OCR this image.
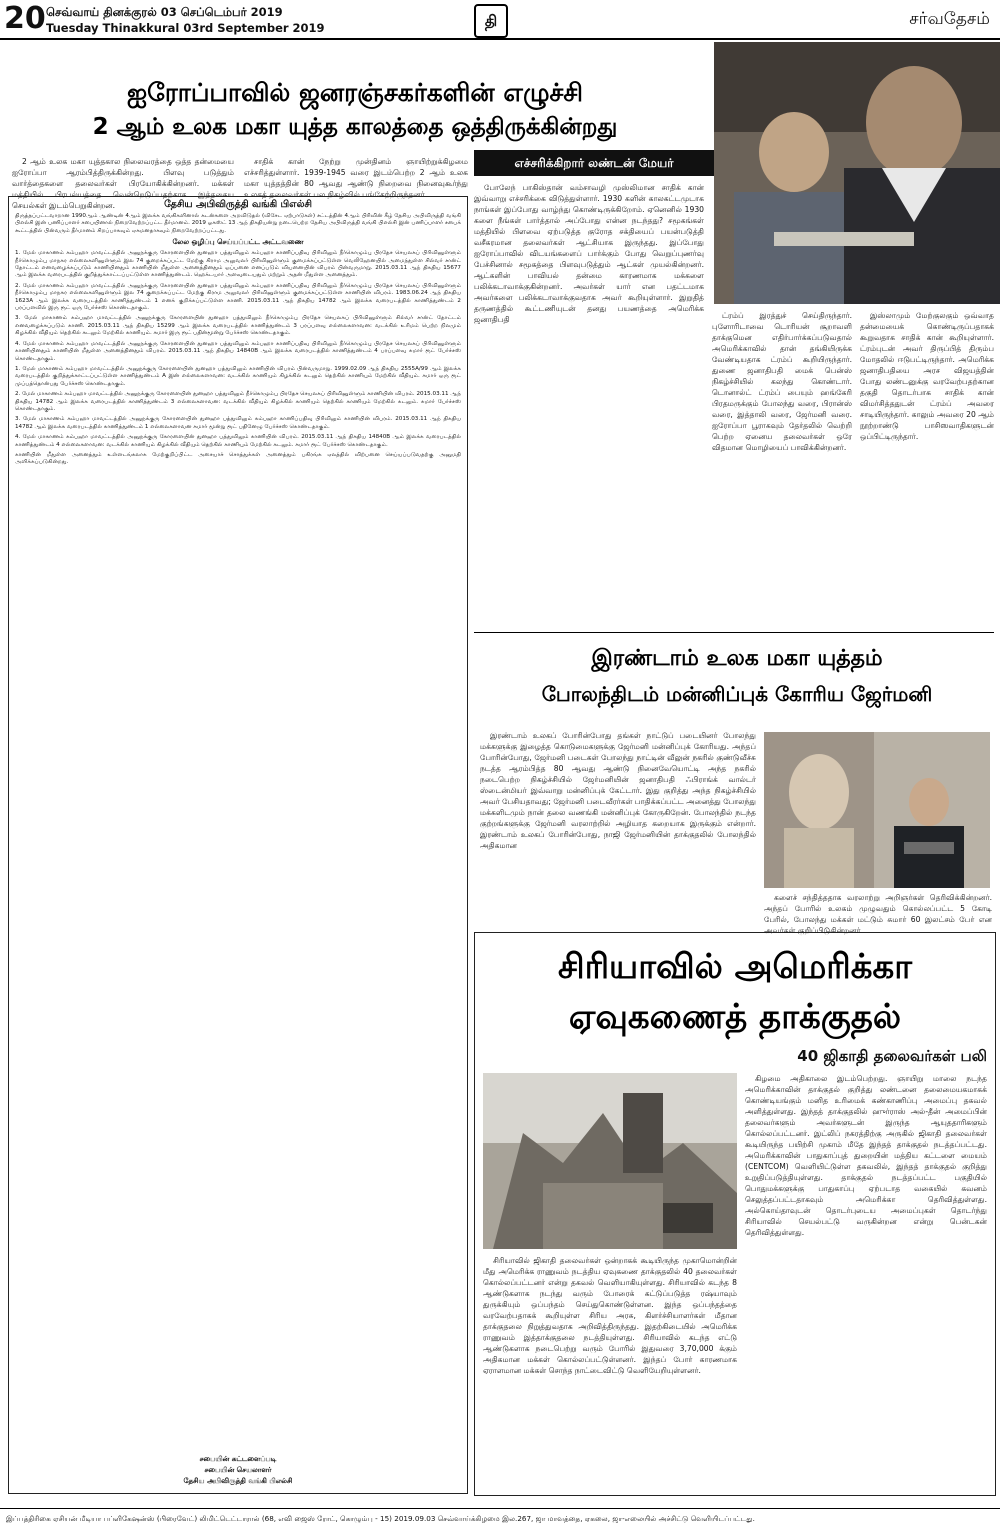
20 செவ்வாய் தினக்குரல் 03 செப்டெம்பர் 2019
Tuesday Thinakkural 03rd September 2019	தி	சர்வதேசம்
ஐரோப்பாவில் ஜனரஞ்சகர்களின் எழுச்சி
2 ஆம் உலக மகா யுத்த காலத்தை ஒத்திருக்கின்றது
எச்சரிக்கிறார் லண்டன் மேயர்

2 ஆம் உலக மகா யுத்தகால நிலைவரத்தை ஒத்த தன்மையை ஐரோப்பா ஆரம்பித்திருக்கின்றது. பிளவு படுத்தும் வார்த்தைகளை தலைவர்கள் பிரயோகிக்கின்றனர். மக்கள் மத்தியில் பிரபல்யத்தை வென்றெடுப்பதற்காக இத்தகைய செயல்கள் இடம்பெறுகின்றன.

சாதிக் கான் நேற்று முன்தினம் ஞாயிற்றுக்கிழமை எச்சரித்துள்ளார். 1939-1945 வரை இடம்பெற்ற 2 ஆம் உலக மகா யுத்தத்தின் 80 ஆவது ஆண்டு நிறைவை நினைவுகூர்ந்து உலகத் தலைவர்கள் பல நிகழ்வில் பங்கேற்றிருந்தனர்.

போலேந் பாகிஸ்தான் வம்சாவழி முஸ்லிமான சாதிக் கான் இவ்வாறு எச்சரிக்கை விடுத்துள்ளார். 1930 களின் காலகட்டமுடாக நாங்கள் இப்போது வாழ்ந்து கொண்டிருக்கிறோம். ஏனெனில் 1930 களை நீங்கள் பார்த்தால் அப்போது என்ன நடந்தது? சமூகங்கள் மத்தியில் பிளவை ஏற்படுத்த குரோத சக்தியைப் பயன்படுத்தி வசீகரமான தலைவர்கள் ஆட்சியாக இருந்தது. இப்போது ஐரோப்பாவில் விடயங்களைப் பார்க்கும் போது வெறுப்புணர்வு பேச்சினால் சமூகத்தை பிளவுபடுத்தும் ஆட்கள் முயல்கின்றனர். ஆட்களின் பாவியல் தன்மை காரணமாக மக்களை பலிக்கடாவாக்குகின்றனர். அவர்கள் யார் என பதட்டமாக அவர்களை பலிக்கடாவாக்குவதாக அவர் கூறியுள்ளார். இறுதித் தருணத்தில் கூட்டணியுடன் தனது பயணத்தை அமெரிக்க ஜனாதிபதி	ட்ரம்ப் இரத்துச் செய்திருந்தார். புளோரிடாவை டொரியன் சூறாவளி தாக்குமென எதிர்பார்க்கப்படுவதால் அமெரிக்காவில் தான் தங்கியிருக்க வேண்டியதாக ட்ரம்ப் கூறியிருந்தார். துணை ஜனாதிபதி மைக் பென்ஸ் நிகழ்ச்சியில் கலந்து கொண்டார். டொனால்ட் ட்ரம்ப் பையும் ஹங்கேரி பிரதமருக்கும் போலந்து வரை, பிரான்ஸ் வரை, இத்தாலி வரை, ஜேர்மனி வரை. ஐரோப்பா பூராகவும் தேர்தலில் வெற்றி பெற்ற ஏனைய தலைவர்கள் ஒரே விதமான மொழியைப் பாவிக்கின்றனர்.

இஸ்லாமும் மேற்குலகும் ஒவ்வாத தன்மையைக் கொண்டிருப்பதாகக் கூறுவதாக சாதிக் கான் கூறியுள்ளார். ட்ரம்புடன் அவர் திருப்பித் திரும்ப மோதலில் ஈடுபட்டிருந்தார். அமெரிக்க ஜனாதிபதியை அரச விஜயத்தின் போது லண்டனுக்கு வரவேற்பதற்கான தகுதி தொடர்பாக சாதிக் கான் விமர்சித்ததுடன் ட்ரம்ப் அவரை சாடியிருந்தார். காலும் அவரை 20 ஆம் நூற்றாண்டு பாசிஸவாதிகளுடன் ஒப்பிட்டிருந்தார்.

தேசிய அபிவிருத்தி வங்கி பிஎல்சி
திருத்தப்பட்டவாறான 1990ஆம் ஆண்டின் 4ஆம் இலக்க வங்கிகளினால் கடன்களை அறவிடுதல் (விசேட ஏற்பாடுகள்) சட்டத்தின் 4ஆம் பிரிவின் கீழ் தேசிய அபிவிருத்தி வங்கி பிஎல்சி இன் பணிப்பாளர் சபையினால் நிறைவேற்றப்பட்ட தீர்மானம். 2019 ஓகஸ்ட் 13 ஆந் திகதியன்று நடைபெற்ற தேசிய அபிவிருத்தி வங்கி பிஎல்சி இன் பணிப்பாளர் சபைக் கூட்டத்தில் பின்வரும் தீர்மானம் சிறப்பாகவும் ஏகமனதாகவும் நிறைவேற்றப்பட்டது.
லேல ஒழிப்பு செய்யப்பட்ட அட்டவணை

1. மேல் மாகாணம் கம்பஹா மாவட்டத்தில் அனுநக்குரு கோரளையின் துனஹா பத்துவிலும் கம்பஹா காணிப்பதிவு பிரிவிலும் நீர்கொழும்பு பிரதேச செயலகப் பிரிவினுள்ளும் நீர்கொழும்பு மாநகர எல்லைகளினுள்ளும் இல 74 குறைக்கப்பட்ட மேற்கு கிராம அலுவலர் பிரிவினுள்ளும் குமைக்கப்பட்டுள்ள வெலிஹேனயில் அமைந்துள்ள சில்வர் சான்ட் தோட்டம் எனவழைக்கப்படும் காணியினதும் காணியின் மீதுள்ள அனைத்தினதும் ஒப்பனை எனப்படும் வியனையின் விபரம் பின்வருமாறு. 2015.03.11 ஆந் திகதிய 15677 ஆம் இலக்க வரைபடத்தில் குறித்துக்காட்டப்பட்டுள்ள காணித்துண்டம். ஹெக்டயார் அளவுடையதும் மற்றும் அதன் மீதுள்ள அனைத்தும்.

2. மேல் மாகாணம் கம்பஹா மாவட்டத்தில் அனுநக்குரு கோரளையின் துனஹா பத்துவிலும் கம்பஹா காணிப்பதிவு பிரிவிலும் நீர்கொழும்பு பிரதேச செயலகப் பிரிவினுள்ளும் நீர்கொழும்பு மாநகர எல்லைகளினுள்ளும் இல 74 குறைக்கப்பட்ட மேற்கு கிராம அலுவலர் பிரிவினுள்ளும் குமைக்கப்பட்டுள்ள காணியின் விபரம். 1983.06.24 ஆந் திகதிய 1623A ஆம் இலக்க வரைபடத்தில் காணித்துண்டம் 1 எனக் குறிக்கப்பட்டுள்ள காணி. 2015.03.11 ஆந் திகதிய 14782 ஆம் இலக்க வரைபடத்தில் காணித்துண்டம் 2 பரப்பளவில் இரு ரூட் ஒரு பேர்ச்சஸ் கொண்டதாகும்.

3. மேல் மாகாணம் கம்பஹா மாவட்டத்தில் அனுநக்குரு கோரளையின் துனஹா பத்துவிலும் நீர்கொழும்பு பிரதேச செயலகப் பிரிவினுள்ளும் சில்வர் சான்ட் தோட்டம் எனவழைக்கப்படும் காணி. 2015.03.11 ஆந் திகதிய 15299 ஆம் இலக்க வரைபடத்தில் காணித்துண்டம் 3 பரப்பளவு எல்லைகளாவன: வடக்கில் உரிமம் பெற்ற நிலமும் கிழக்கில் வீதியும் தெற்கில் கடலும் மேற்கில் காணியும். சுமார் இரு ரூட் பதின்மூன்று பேர்ச்சஸ் கொண்டதாகும்.

4. மேல் மாகாணம் கம்பஹா மாவட்டத்தில் அனுநக்குரு கோரளையின் துனஹா பத்துவிலும் கம்பஹா காணிப்பதிவு பிரிவிலும் நீர்கொழும்பு பிரதேச செயலகப் பிரிவினுள்ளும் காணியினதும் காணியின் மீதுள்ள அனைத்தினதும் விபரம். 2015.03.11 ஆந் திகதிய 14840B ஆம் இலக்க வரைபடத்தில் காணித்துண்டம் 4 பரப்பளவு சுமார் ரூட் பேர்ச்சஸ் கொண்டதாகும்.

1. மேல் மாகாணம் கம்பஹா மாவட்டத்தில் அனுநக்குரு கோரளையின் துனஹா பத்துவிலும் காணியின் விபரம் பின்வருமாறு. 1999.02.09 ஆந் திகதிய 2555A/99 ஆம் இலக்க வரைபடத்தில் குறித்துக்காட்டப்பட்டுள்ள காணித்துண்டம் A இன் எல்லைகளாவன: வடக்கில் காணியும் கிழக்கில் கடலும் தெற்கில் காணியும் மேற்கில் வீதியும். சுமார் ஒரு ரூட் முப்பத்தொன்பது பேர்ச்சஸ் கொண்டதாகும்.

2. மேல் மாகாணம் கம்பஹா மாவட்டத்தில் அனுநக்குரு கோரளையின் துனஹா பத்துவிலும் நீர்கொழும்பு பிரதேச செயலகப் பிரிவினுள்ளும் காணியின் விபரம். 2015.03.11 ஆந் திகதிய 14782 ஆம் இலக்க வரைபடத்தில் காணித்துண்டம் 3 எல்லைகளாவன: வடக்கில் வீதியும் கிழக்கில் காணியும் தெற்கில் காணியும் மேற்கில் கடலும். சுமார் பேர்ச்சஸ் கொண்டதாகும்.

3. மேல் மாகாணம் கம்பஹா மாவட்டத்தில் அனுநக்குரு கோரளையின் துனஹா பத்துவிலும் கம்பஹா காணிப்பதிவு பிரிவிலும் காணியின் விபரம். 2015.03.11 ஆந் திகதிய 14782 ஆம் இலக்க வரைபடத்தில் காணித்துண்டம் 1 எல்லைகளாவன சுமார் மூன்று ரூட் பதினேழு பேர்ச்சஸ் கொண்டதாகும்.

4. மேல் மாகாணம் கம்பஹா மாவட்டத்தில் அனுநக்குரு கோரளையின் துனஹா பத்துவிலும் காணியின் விபரம். 2015.03.11 ஆந் திகதிய 14840B ஆம் இலக்க வரைபடத்தில் காணித்துண்டம் 4 எல்லைகளாவன: வடக்கில் காணியும் கிழக்கில் வீதியும் தெற்கில் காணியும் மேற்கில் கடலும். சுமார் ரூட் பேர்ச்சஸ் கொண்டதாகும்.

காணியின் மீதுள்ள அனைத்தும் உள்ளடங்கலாக மேற்குறிப்பிட்ட அசையாச் சொத்துக்கள் அனைத்தும் பகிரங்க ஏலத்தில் விற்பனை செய்யப்படுவதற்கு அனுமதி அளிக்கப்படுகின்றது.

சபையின் கட்டளைப்படி
சபையின் செயலாளர்
தேசிய அபிவிருத்தி வங்கி பிஎல்சி
இரண்டாம் உலக மகா யுத்தம்
போலந்திடம் மன்னிப்புக் கோரிய ஜேர்மனி

இரண்டாம் உலகப் போரின்போது தங்கள் நாட்டுப் படையினர் போலந்து மக்களுக்கு இழைத்த கொடுமைகளுக்கு ஜேர்மனி மன்னிப்புக் கோரியது. அந்தப் போரின்போது, ஜேர்மனி படைகள் போலந்து நாட்டின் வீலுன் நகரில் குண்டுவீச்சு நடத்த ஆரம்பித்த 80 ஆவது ஆண்டு நினைவேயொட்டி அந்த நகரில் நடைபெற்ற நிகழ்ச்சியில் ஜேர்மனியின் ஜனாதிபதி ஃபிராங்க் வால்டர் ஸ்டைன்மியர் இவ்வாறு மன்னிப்புக் கேட்டார். இது குறித்து அந்த நிகழ்ச்சியில் அவர் பேசியதாவது; ஜேர்மனி படைவீரர்கள் பாதிக்கப்பட்ட அனைத்து போலந்து மக்களிடமும் நான் தலை வணங்கி மன்னிப்புக் கோருகிறேன். போலந்தில் நடந்த குற்றங்களுக்கு ஜேர்மனி வரலாற்றில் அழியாத கறையாக இருக்கும் என்றார். இரண்டாம் உலகப் போரின்போது, நாஜி ஜேர்மனியின் தாக்குதலில் போலந்தில் அதிகமான

களைச் சந்தித்ததாக வரலாற்று அறிஞர்கள் தெரிவிக்கின்றனர். அந்தப் போரில் உலகம் முழுவதும் கொல்லப்பட்ட 5 கோடி பேரில், போலந்து மக்கள் மட்டும் சுமார் 60 இலட்சம் பேர் என அவர்கள் குறிப்பிடுகின்றனர்.

சிரியாவில் அமெரிக்கா
ஏவுகணைத் தாக்குதல்
40 ஜிகாதி தலைவர்கள் பலி

சிரியாவில் ஜிகாதி தலைவர்கள் ஒன்றாகக் கூடியிருந்த முகாமொன்றின் மீது அமெரிக்க ராணுவம் நடத்திய ஏவுகணை தாக்குதலில் 40 தலைவர்கள் கொல்லப்பட்டனர் என்று தகவல் வெளியாகியுள்ளது. சிரியாவில் கடந்த 8 ஆண்டுகளாக நடந்து வரும் போரைக் கட்டுப்படுத்த ரஷ்யாவும் துருக்கியும் ஒப்பந்தம் செய்துகொண்டுள்ளன. இந்த ஒப்பந்தத்தை வரவேற்பதாகக் கூறியுள்ள சிரிய அரசு, கிளர்ச்சியாளர்கள் மீதான தாக்குதலை நிறுத்துவதாக அறிவித்திருந்தது. இதற்கிடையில் அமெரிக்க ராணுவம் இத்தாக்குதலை நடத்தியுள்ளது. சிரியாவில் கடந்த எட்டு ஆண்டுகளாக நடைபெற்று வரும் போரில் இதுவரை 3,70,000 க்கும் அதிகமான மக்கள் கொல்லப்பட்டுள்ளனர். இந்தப் போர் காரணமாக ஏராளமான மக்கள் சொந்த நாட்டைவிட்டு வெளியேறியுள்ளனர்.

கிழமை அதிகாலை இடம்பெற்றது. ஞாயிறு மாலை நடந்த அமெரிக்காவின் தாக்குதல் குறித்து லண்டனை தலைமையகமாகக் கொண்டியங்கும் மனித உரிமைக் கண்காணிப்பு அமைப்பு தகவல் அளித்துள்ளது. இந்தத் தாக்குதலில் ஹுர்ராஸ் அல்-தீன் அமைப்பின் தலைவர்களும் அவர்களுடன் இருந்த ஆயுததாரிகளும் கொல்லப்பட்டனர். இட்லிப் நகரத்திற்கு அருகில் ஜிகாதி தலைவர்கள் கூடியிருந்த பயிற்சி முகாம் மீதே இந்தத் தாக்குதல் நடத்தப்பட்டது. அமெரிக்காவின் பாதுகாப்புத் துறையின் மத்திய கட்டளை மையம் (CENTCOM) வெளியிட்டுள்ள தகவலில், இந்தத் தாக்குதல் குறித்து உறுதிப்படுத்தியுள்ளது. தாக்குதல் நடத்தப்பட்ட பகுதியில் பொதுமக்களுக்கு பாதுகாப்பு ஏற்படாத வகையில் கவனம் செலுத்தப்பட்டதாகவும் அமெரிக்கா தெரிவித்துள்ளது. அல்கொய்தாவுடன் தொடர்புடைய அமைப்புகள் தொடர்ந்து சிரியாவில் செயல்பட்டு வருகின்றன என்று பென்டகன் தெரிவித்துள்ளது.

இப்பத்திரிகை ஏசியன் மீடியா பப்ளிகேஷன்ஸ் (பிரைவேட்) லிமிட்டெட்டாரால் (68, எவி ஜைஸ் ரோட், கொழும்பு - 15) 2019.09.03 செவ்வாய்க்கிழமை இல.267, ஜா மாவத்தை, ஏகலை, ஜா-எலையில் அச்சிட்டு வெளியிடப்பட்டது.
